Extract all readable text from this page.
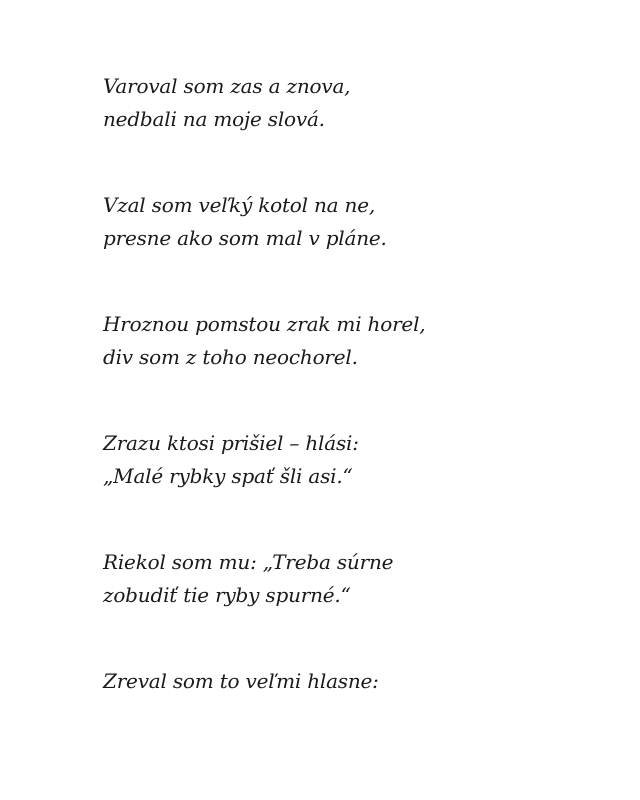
Varoval som zas a znova,
nedbali na moje slová.
Vzal som veľký kotol na ne,
presne ako som mal v pláne.
Hroznou pomstou zrak mi horel,
div som z toho neochorel.
Zrazu ktosi prišiel – hlási:
„Malé rybky spať šli asi.“
Riekol som mu: „Treba súrne
zobudiť tie ryby spurné.“
Zreval som to veľmi hlasne:
